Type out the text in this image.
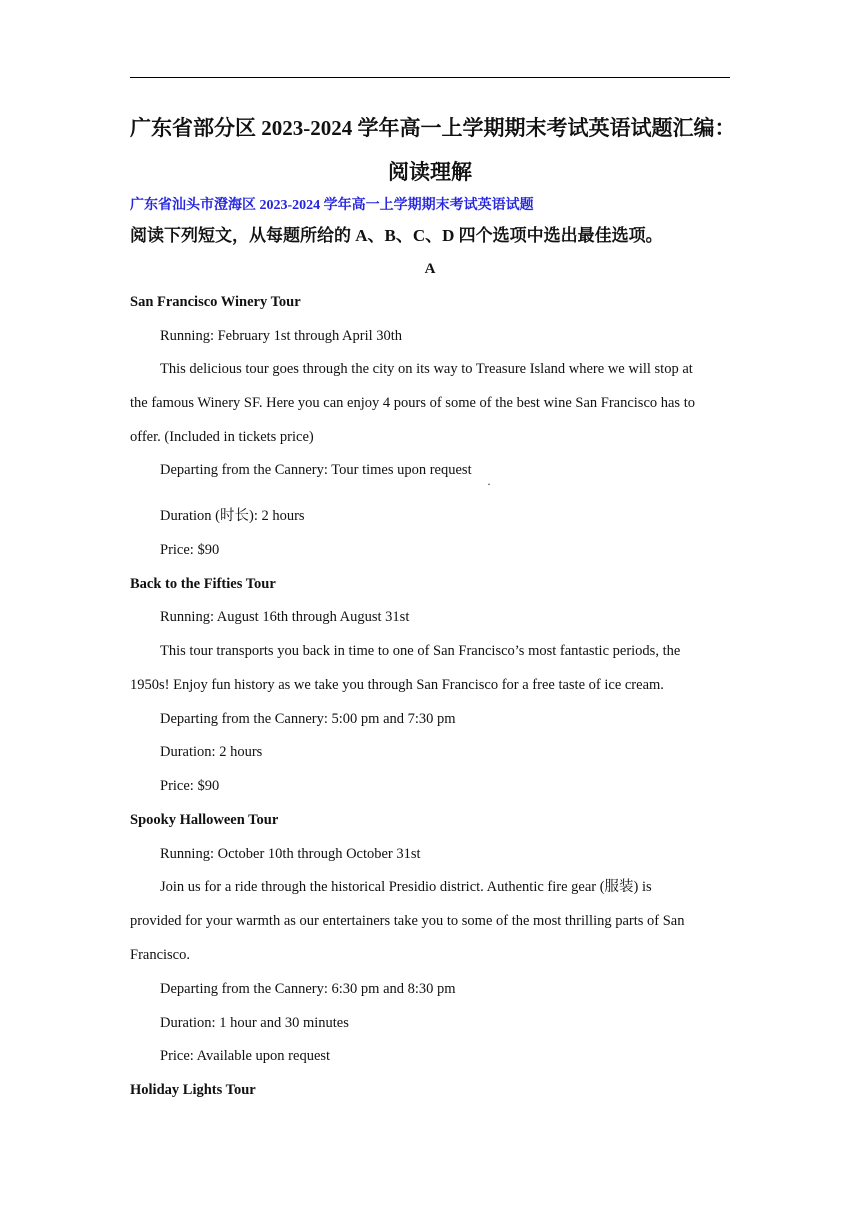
广东省部分区 2023-2024 学年高一上学期期末考试英语试题汇编：
阅读理解
广东省汕头市澄海区 2023-2024 学年高一上学期期末考试英语试题
阅读下列短文，从每题所给的 A、B、C、D 四个选项中选出最佳选项。
A
San Francisco Winery Tour
Running: February 1st through April 30th
This delicious tour goes through the city on its way to Treasure Island where we will stop at
the famous Winery SF. Here you can enjoy 4 pours of some of the best wine San Francisco has to
offer. (Included in tickets price)
Departing from the Cannery: Tour times upon request
·
Duration (时长): 2 hours
Price: $90
Back to the Fifties Tour
Running: August 16th through August 31st
This tour transports you back in time to one of San Francisco’s most fantastic periods, the
1950s! Enjoy fun history as we take you through San Francisco for a free taste of ice cream.
Departing from the Cannery: 5:00 pm and 7:30 pm
Duration: 2 hours
Price: $90
Spooky Halloween Tour
Running: October 10th through October 31st
Join us for a ride through the historical Presidio district. Authentic fire gear (服装) is
provided for your warmth as our entertainers take you to some of the most thrilling parts of San
Francisco.
Departing from the Cannery: 6:30 pm and 8:30 pm
Duration: 1 hour and 30 minutes
Price: Available upon request
Holiday Lights Tour
